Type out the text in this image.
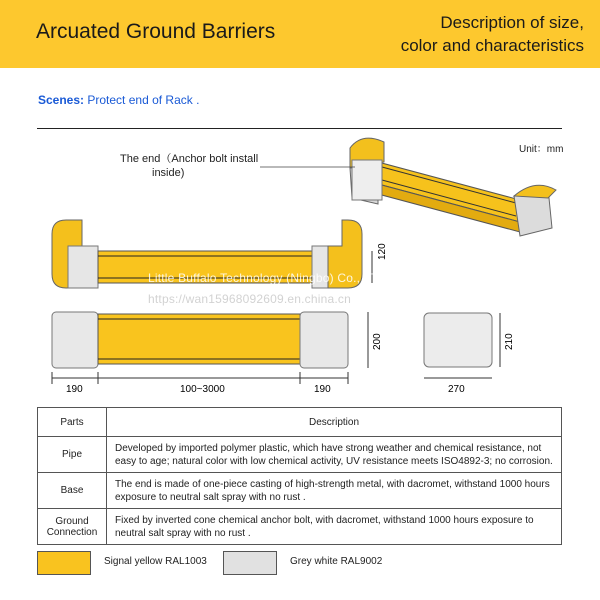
Arcuated Ground Barriers	Description of size,
color and characteristics
Scenes: Protect end of Rack .
Unit：mm
The end（Anchor bolt install
inside)
120
200	210
190	100~3000	190	270
Little Buffalo Technology (Ningbo) Co., LTD
https://wan15968092609.en.china.cn
Parts	Description
Pipe	Developed by imported polymer plastic, which have strong weather and chemical resistance, not easy to age; natural color with low chemical activity, UV resistance meets ISO4892-3; no corrosion.
Base	The end is made of one-piece casting of high-strength metal, with dacromet, withstand 1000 hours exposure to neutral salt spray with no rust .
Ground Connection	Fixed by inverted cone chemical anchor bolt, with dacromet, withstand 1000 hours exposure to neutral salt spray with no rust .
Signal yellow RAL1003	Grey white RAL9002
